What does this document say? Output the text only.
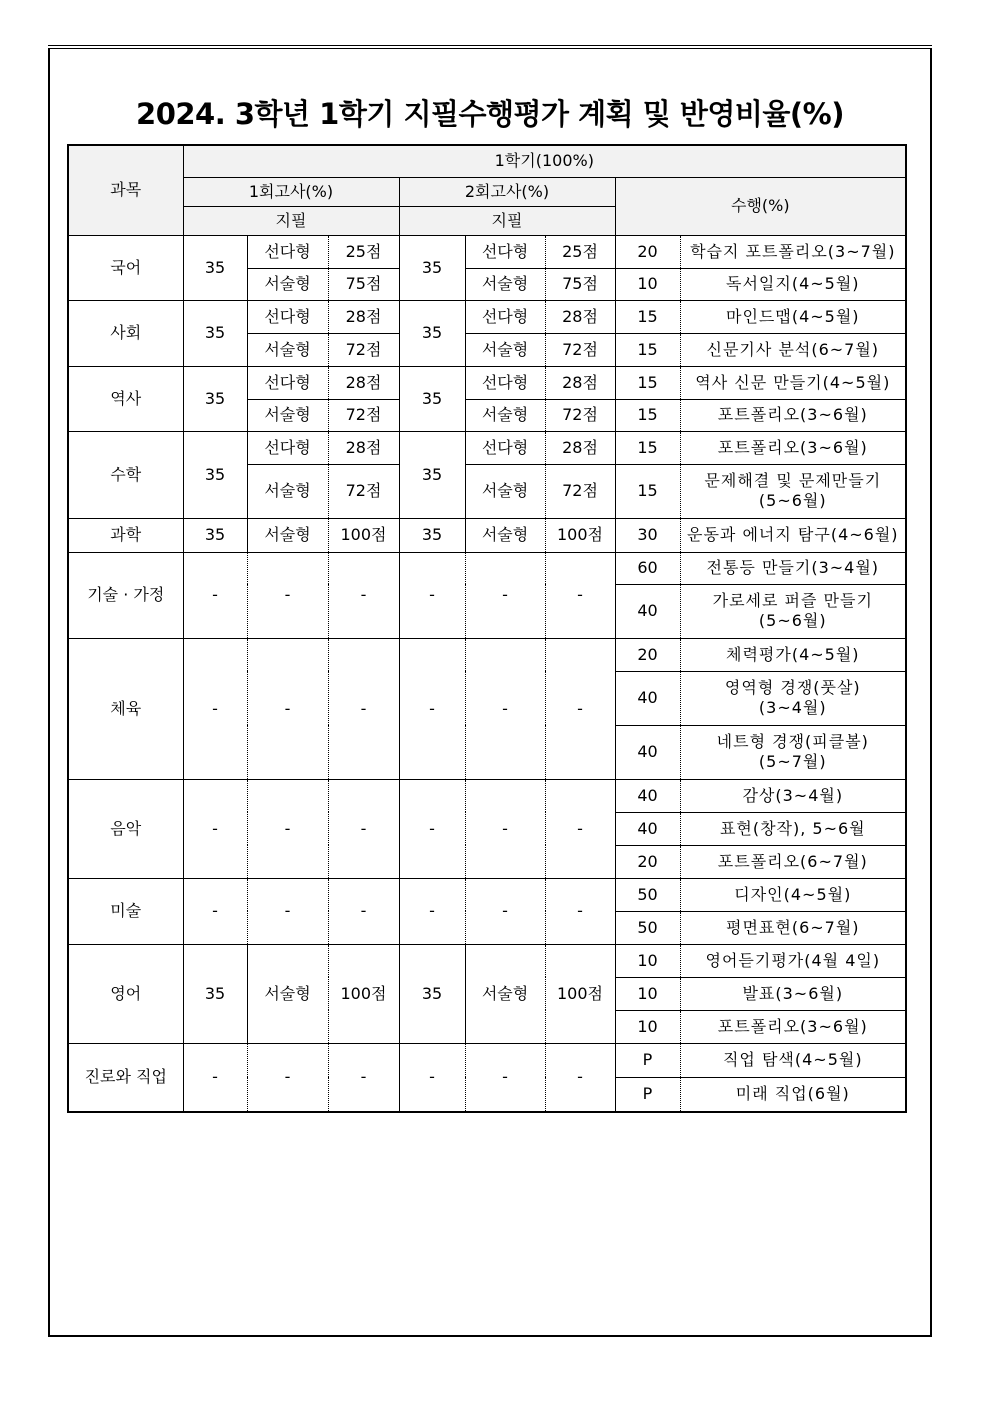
2024. 3학년 1학기 지필수행평가 계획 및 반영비율(%)
과목	1학기(100%)							
	1회고사(%)			2회고사(%)			수행(%)	
	지필			지필				
국어	35	선다형	25점	35	선다형	25점	20	학습지 포트폴리오(3~7월)

		서술형	75점		서술형	75점	10	독서일지(4~5월)

사회	35	선다형	28점	35	선다형	28점	15	마인드맵(4~5월)

		서술형	72점		서술형	72점	15	신문기사 분석(6~7월)

역사	35	선다형	28점	35	선다형	28점	15	역사 신문 만들기(4~5월)

		서술형	72점		서술형	72점	15	포트폴리오(3~6월)

수학	35	선다형	28점	35	선다형	28점	15	포트폴리오(3~6월)

		서술형	72점		서술형	72점	15	문제해결 및 문제만들기
(5~6월)

과학	35	서술형	100점	35	서술형	100점	30	운동과 에너지 탐구(4~6월)

기술 · 가정	-	-	-	-	-	-	60	전통등 만들기(3~4월)

							40	가로세로 퍼즐 만들기
(5~6월)

체육	-	-	-	-	-	-	20	체력평가(4~5월)

							40	영역형 경쟁(풋살)
(3~4월)

							40	네트형 경쟁(피클볼)
(5~7월)

음악	-	-	-	-	-	-	40	감상(3~4월)

							40	표현(창작), 5~6월

							20	포트폴리오(6~7월)

미술	-	-	-	-	-	-	50	디자인(4~5월)

							50	평면표현(6~7월)

영어	35	서술형	100점	35	서술형	100점	10	영어듣기평가(4월 4일)

							10	발표(3~6월)

							10	포트폴리오(3~6월)

진로와 직업	-	-	-	-	-	-	P	직업 탐색(4~5월)

							P	미래 직업(6월)
